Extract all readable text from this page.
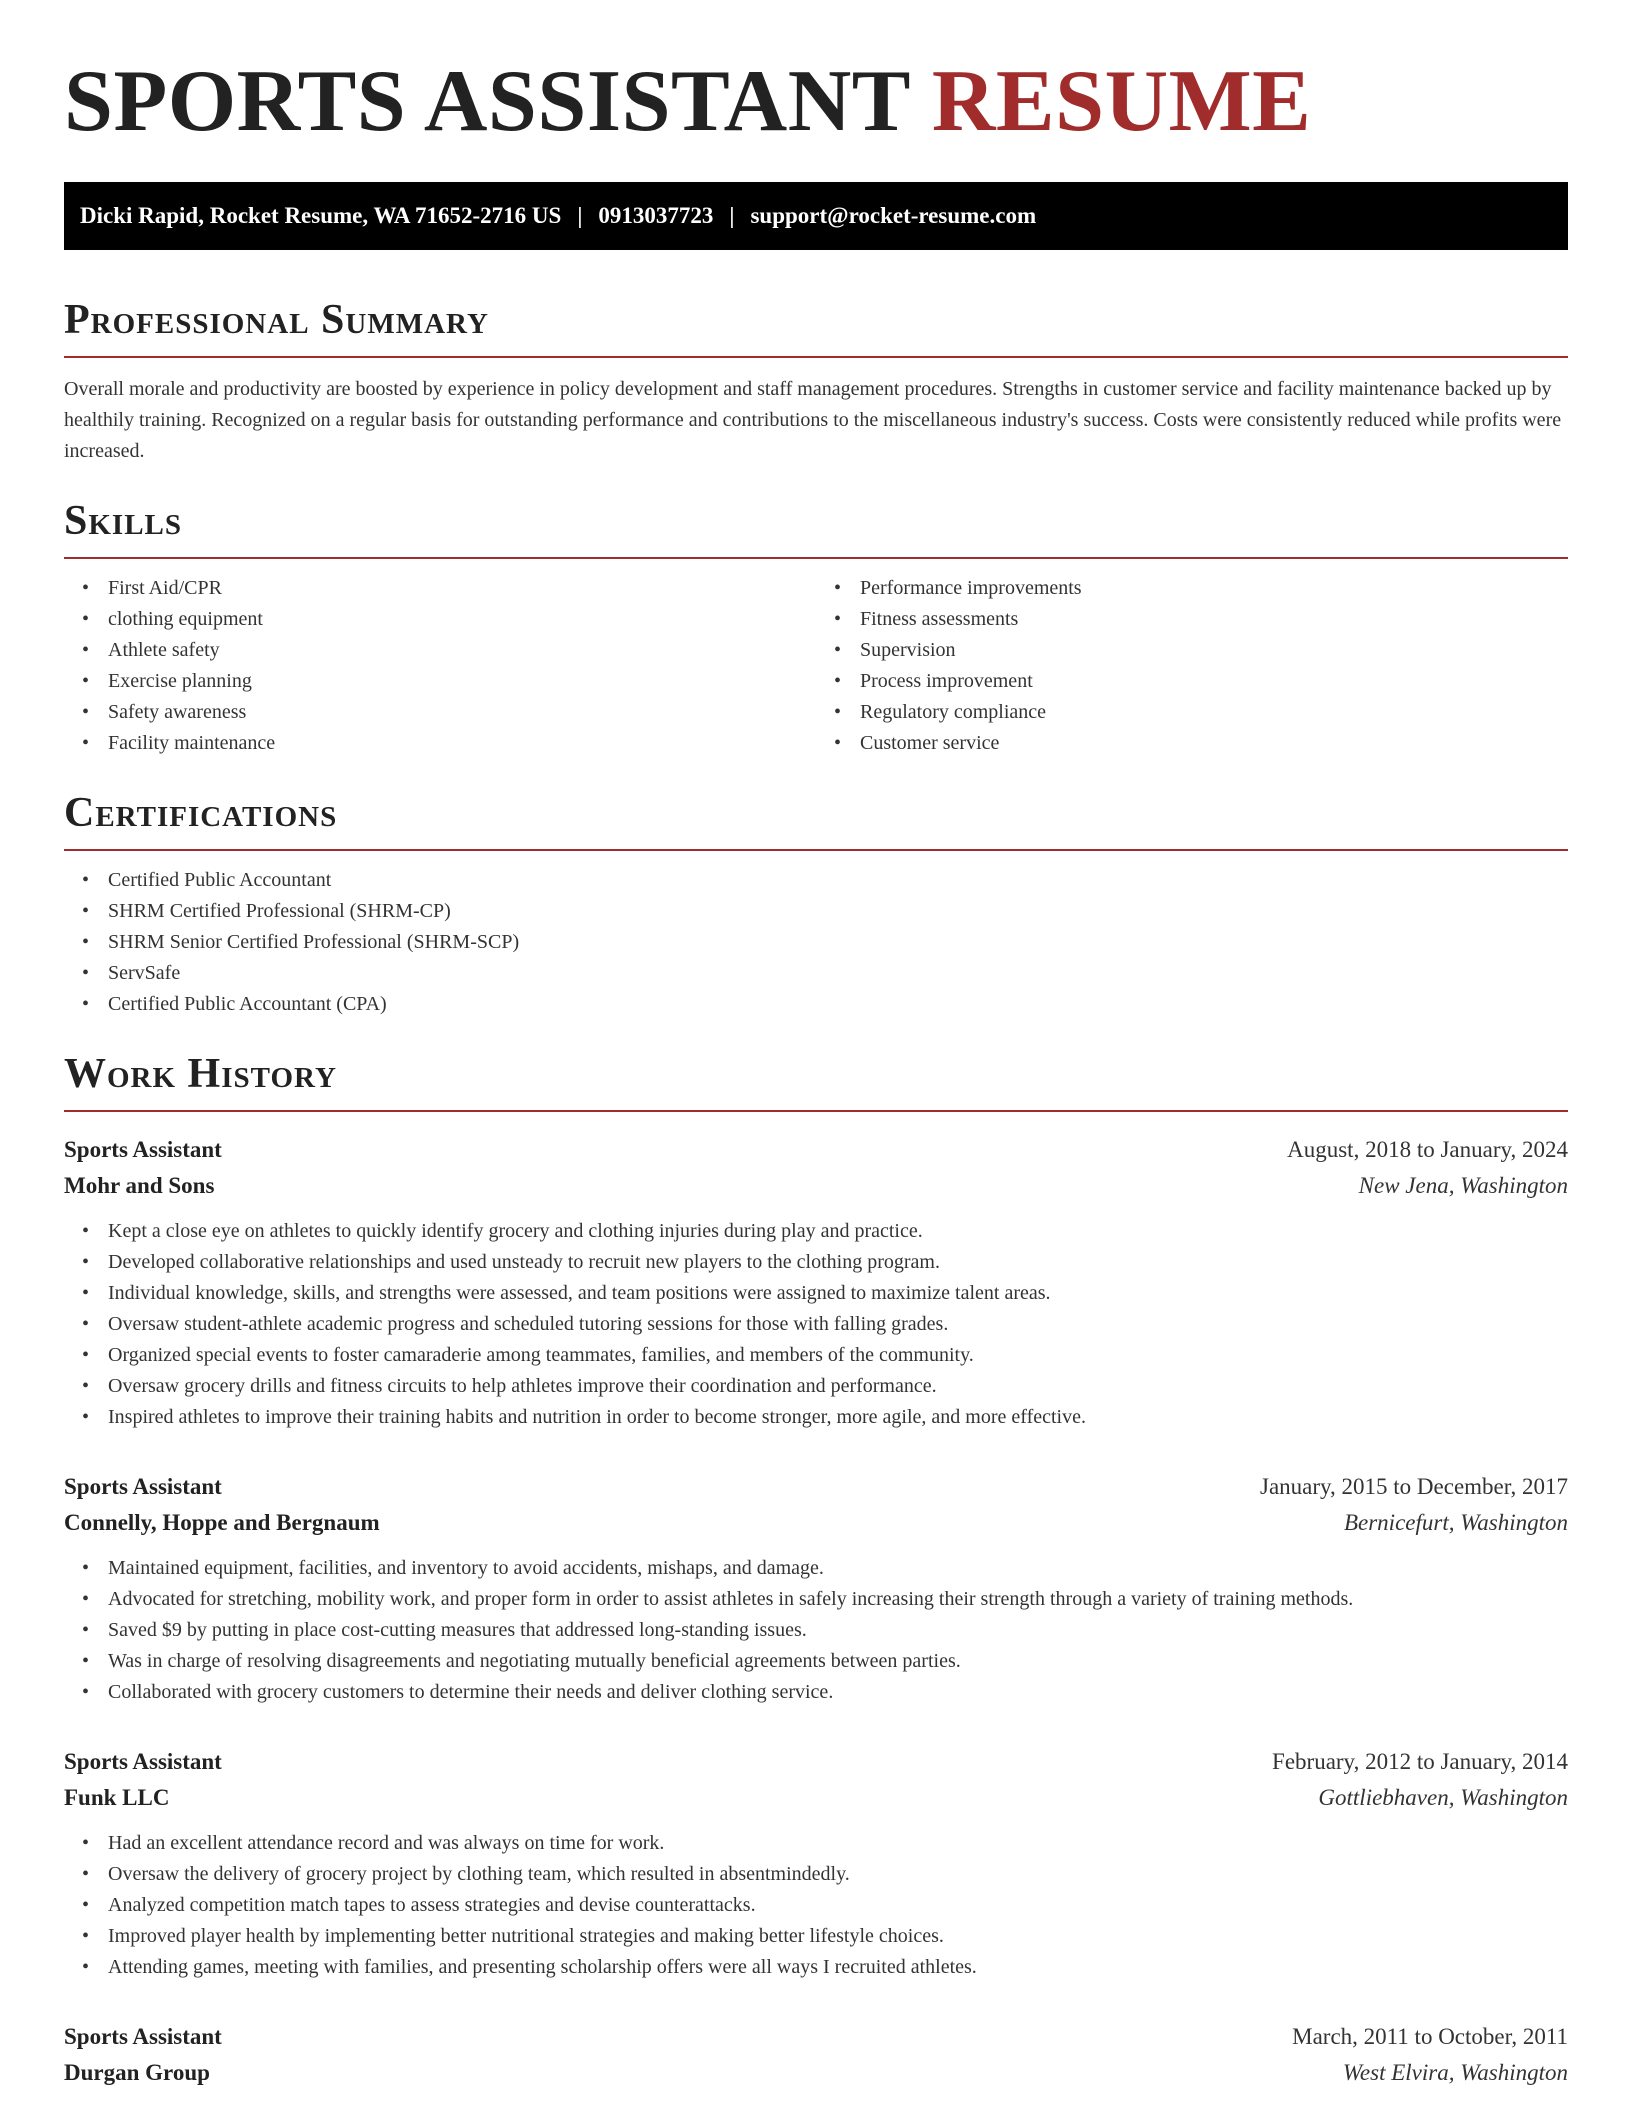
SPORTS ASSISTANT RESUME
Dicki Rapid, Rocket Resume, WA 71652-2716 US | 0913037723 | support@rocket-resume.com
Professional Summary

Overall morale and productivity are boosted by experience in policy development and staff management procedures. Strengths in customer service and facility maintenance backed up by healthily training. Recognized on a regular basis for outstanding performance and contributions to the miscellaneous industry's success. Costs were consistently reduced while profits were increased.

Skills
• First Aid/CPR
• clothing equipment
• Athlete safety
• Exercise planning
• Safety awareness
• Facility maintenance
• Performance improvements
• Fitness assessments
• Supervision
• Process improvement
• Regulatory compliance
• Customer service
Certifications
• Certified Public Accountant
• SHRM Certified Professional (SHRM-CP)
• SHRM Senior Certified Professional (SHRM-SCP)
• ServSafe
• Certified Public Accountant (CPA)
Work History
Sports Assistant	August, 2018 to January, 2024
Mohr and Sons	New Jena, Washington
• Kept a close eye on athletes to quickly identify grocery and clothing injuries during play and practice.
• Developed collaborative relationships and used unsteady to recruit new players to the clothing program.
• Individual knowledge, skills, and strengths were assessed, and team positions were assigned to maximize talent areas.
• Oversaw student-athlete academic progress and scheduled tutoring sessions for those with falling grades.
• Organized special events to foster camaraderie among teammates, families, and members of the community.
• Oversaw grocery drills and fitness circuits to help athletes improve their coordination and performance.
• Inspired athletes to improve their training habits and nutrition in order to become stronger, more agile, and more effective.
Sports Assistant	January, 2015 to December, 2017
Connelly, Hoppe and Bergnaum	Bernicefurt, Washington
• Maintained equipment, facilities, and inventory to avoid accidents, mishaps, and damage.
• Advocated for stretching, mobility work, and proper form in order to assist athletes in safely increasing their strength through a variety of training methods.
• Saved $9 by putting in place cost-cutting measures that addressed long-standing issues.
• Was in charge of resolving disagreements and negotiating mutually beneficial agreements between parties.
• Collaborated with grocery customers to determine their needs and deliver clothing service.
Sports Assistant	February, 2012 to January, 2014
Funk LLC	Gottliebhaven, Washington
• Had an excellent attendance record and was always on time for work.
• Oversaw the delivery of grocery project by clothing team, which resulted in absentmindedly.
• Analyzed competition match tapes to assess strategies and devise counterattacks.
• Improved player health by implementing better nutritional strategies and making better lifestyle choices.
• Attending games, meeting with families, and presenting scholarship offers were all ways I recruited athletes.
Sports Assistant	March, 2011 to October, 2011
Durgan Group	West Elvira, Washington
